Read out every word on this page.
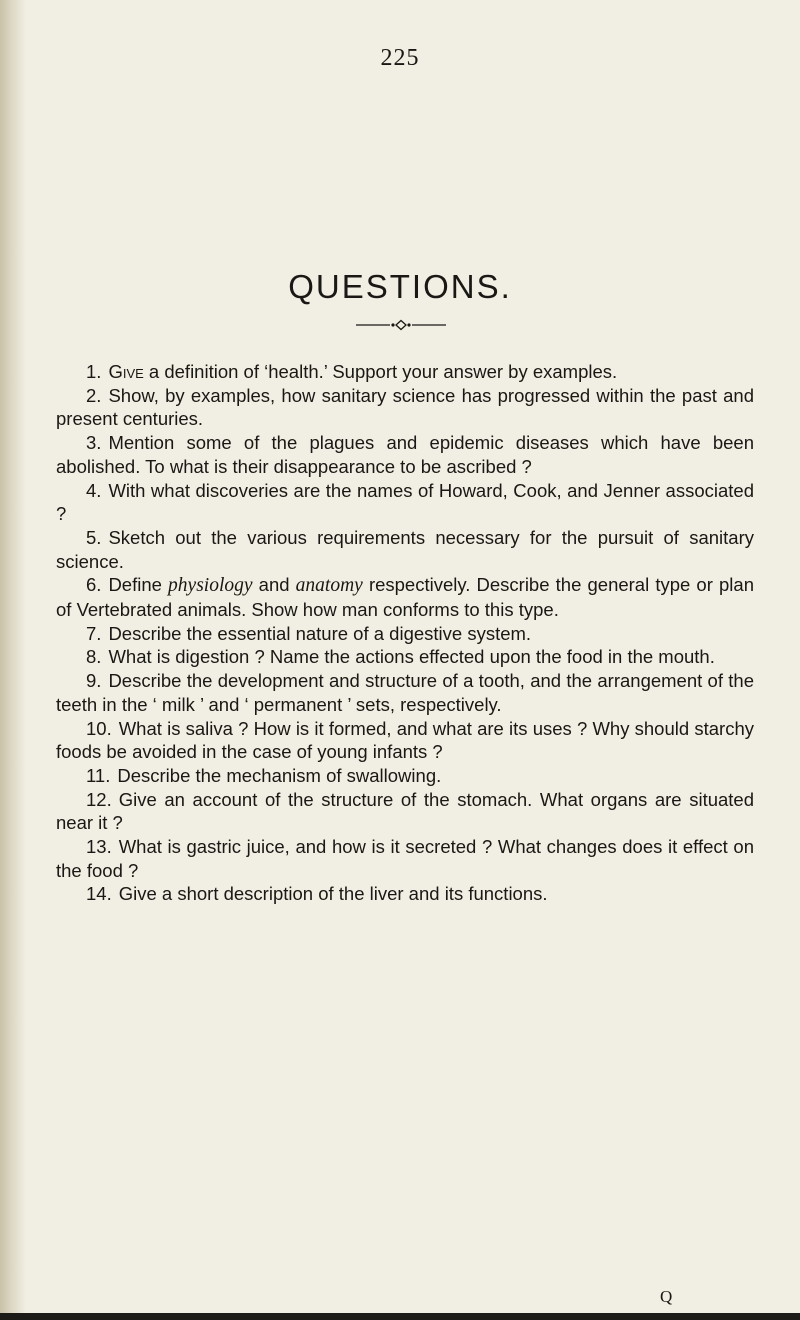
225
QUESTIONS.

1. Give a definition of ‘health.’ Support your answer by examples.

2. Show, by examples, how sanitary science has progressed within the past and present centuries.

3. Mention some of the plagues and epidemic diseases which have been abolished. To what is their disappearance to be ascribed ?

4. With what discoveries are the names of Howard, Cook, and Jenner associated ?

5. Sketch out the various requirements necessary for the pursuit of sanitary science.

6. Define physiology and anatomy respectively. Describe the general type or plan of Vertebrated animals. Show how man conforms to this type.

7. Describe the essential nature of a digestive system.

8. What is digestion ? Name the actions effected upon the food in the mouth.

9. Describe the development and structure of a tooth, and the arrangement of the teeth in the ‘ milk ’ and ‘ permanent ’ sets, respectively.

10. What is saliva ? How is it formed, and what are its uses ? Why should starchy foods be avoided in the case of young infants ?

11. Describe the mechanism of swallowing.

12. Give an account of the structure of the stomach. What organs are situated near it ?

13. What is gastric juice, and how is it secreted ? What changes does it effect on the food ?

14. Give a short description of the liver and its functions.

Q
